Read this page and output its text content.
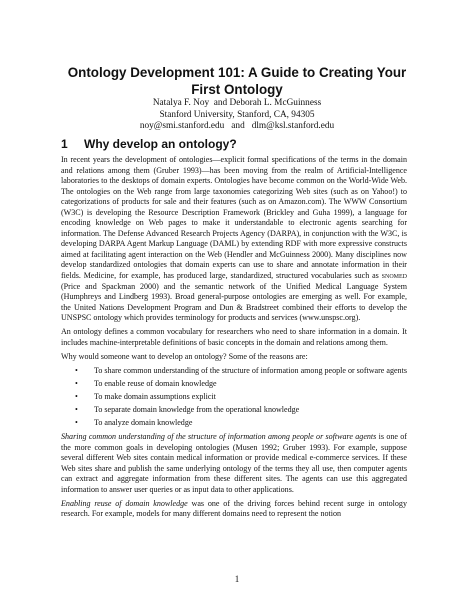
Ontology Development 101: A Guide to Creating Your
First Ontology
Natalya F. Noy  and Deborah L. McGuinness
Stanford University, Stanford, CA, 94305
noy@smi.stanford.edu   and   dlm@ksl.stanford.edu
1 Why develop an ontology?

In recent years the development of ontologies—explicit formal specifications of the terms in the domain and relations among them (Gruber 1993)—has been moving from the realm of Artificial-Intelligence laboratories to the desktops of domain experts. Ontologies have become common on the World-Wide Web. The ontologies on the Web range from large taxonomies categorizing Web sites (such as on Yahoo!) to categorizations of products for sale and their features (such as on Amazon.com). The WWW Consortium (W3C) is developing the Resource Description Framework (Brickley and Guha 1999), a language for encoding knowledge on Web pages to make it understandable to electronic agents searching for information. The Defense Advanced Research Projects Agency (DARPA), in conjunction with the W3C, is developing DARPA Agent Markup Language (DAML) by extending RDF with more expressive constructs aimed at facilitating agent interaction on the Web (Hendler and McGuinness 2000). Many disciplines now develop standardized ontologies that domain experts can use to share and annotate information in their fields. Medicine, for example, has produced large, standardized, structured vocabularies such as snomed (Price and Spackman 2000) and the semantic network of the Unified Medical Language System (Humphreys and Lindberg 1993). Broad general-purpose ontologies are emerging as well. For example, the United Nations Development Program and Dun & Bradstreet combined their efforts to develop the UNSPSC ontology which provides terminology for products and services (www.unspsc.org).

An ontology defines a common vocabulary for researchers who need to share information in a domain. It includes machine-interpretable definitions of basic concepts in the domain and relations among them.

Why would someone want to develop an ontology? Some of the reasons are:

• To share common understanding of the structure of information among people or software agents
• To enable reuse of domain knowledge
• To make domain assumptions explicit
• To separate domain knowledge from the operational knowledge
• To analyze domain knowledge

Sharing common understanding of the structure of information among people or software agents is one of the more common goals in developing ontologies (Musen 1992; Gruber 1993). For example, suppose several different Web sites contain medical information or provide medical e-commerce services. If these Web sites share and publish the same underlying ontology of the terms they all use, then computer agents can extract and aggregate information from these different sites. The agents can use this aggregated information to answer user queries or as input data to other applications.

Enabling reuse of domain knowledge was one of the driving forces behind recent surge in ontology research. For example, models for many different domains need to represent the notion

1
